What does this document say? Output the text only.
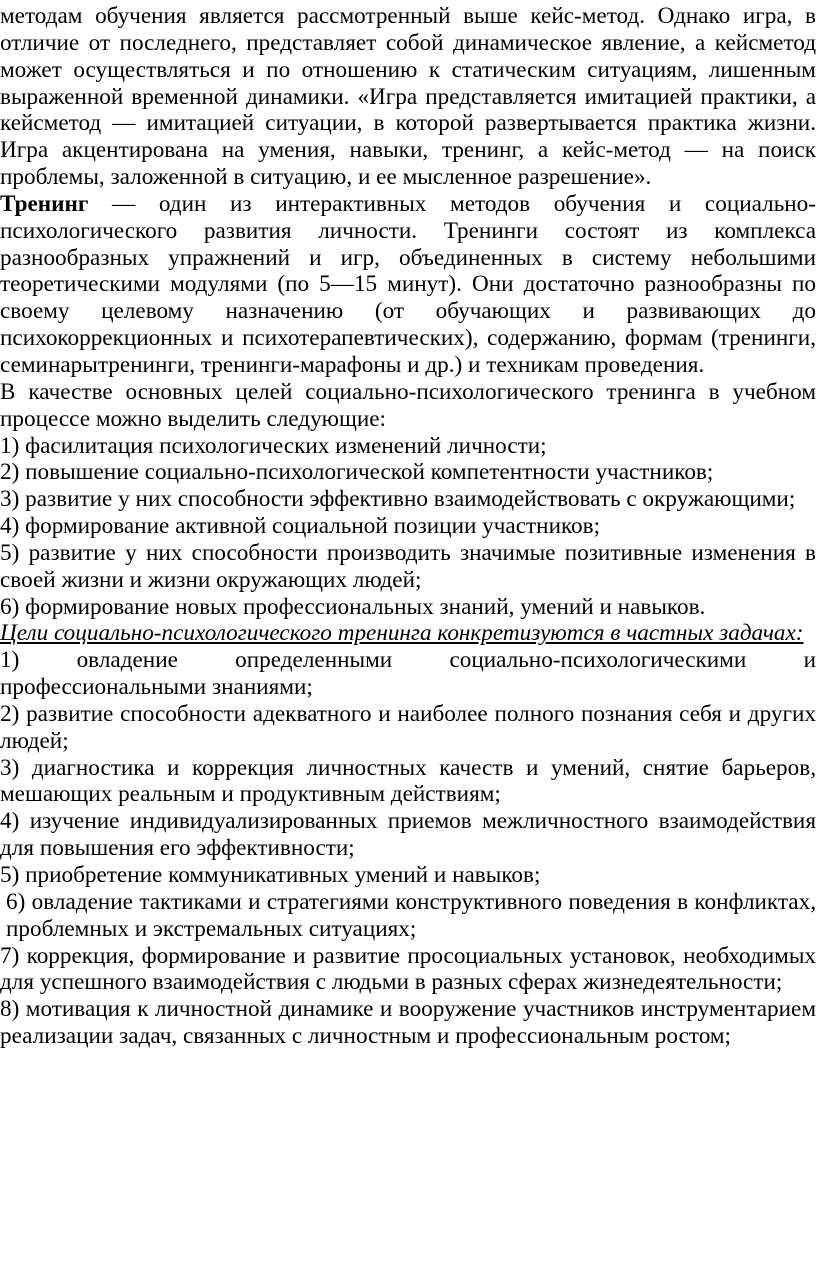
методам обучения является рассмотренный выше кейс-метод. Однако игра, в отличие от последнего, представляет собой динамическое явление, а кейсметод может осуществляться и по отношению к статическим ситуациям, лишенным выраженной временной динамики. «Игра представляется имитацией практики, а кейсметод — имитацией ситуации, в которой развертывается практика жизни. Игра акцентирована на умения, навыки, тренинг, а кейс-метод — на поиск проблемы, заложенной в ситуацию, и ее мысленное разрешение».

Тренинг — один из интерактивных методов обучения и социально-психологического развития личности. Тренинги состоят из комплекса разнообразных упражнений и игр, объединенных в систему небольшими теоретическими модулями (по 5—15 минут). Они достаточно разнообразны по своему целевому назначению (от обучающих и развивающих до психокоррекционных и психотерапевтических), содержанию, формам (тренинги, семинарытренинги, тренинги-марафоны и др.) и техникам проведения.

В качестве основных целей социально-психологического тренинга в учебном процессе можно выделить следующие:

1) фасилитация психологических изменений личности;

2) повышение социально-психологической компетентности участников;

3) развитие у них способности эффективно взаимодействовать с окружающими;

4) формирование активной социальной позиции участников;

5) развитие у них способности производить значимые позитивные изменения в своей жизни и жизни окружающих людей;

6) формирование новых профессиональных знаний, умений и навыков.

Цели социально-психологического тренинга конкретизуются в частных задачах:

1) овладение определенными социально-психологическими и профессиональными знаниями;

2) развитие способности адекватного и наиболее полного познания себя и других людей;

3) диагностика и коррекция личностных качеств и умений, снятие барьеров, мешающих реальным и продуктивным действиям;

4) изучение индивидуализированных приемов межличностного взаимодействия для повышения его эффективности;

5) приобретение коммуникативных умений и навыков;

6) овладение тактиками и стратегиями конструктивного поведения в конфликтах, проблемных и экстремальных ситуациях;

7) коррекция, формирование и развитие просоциальных установок, необходимых для успешного взаимодействия с людьми в разных сферах жизнедеятельности;

8) мотивация к личностной динамике и вооружение участников инструментарием реализации задач, связанных с личностным и профессиональным ростом;
